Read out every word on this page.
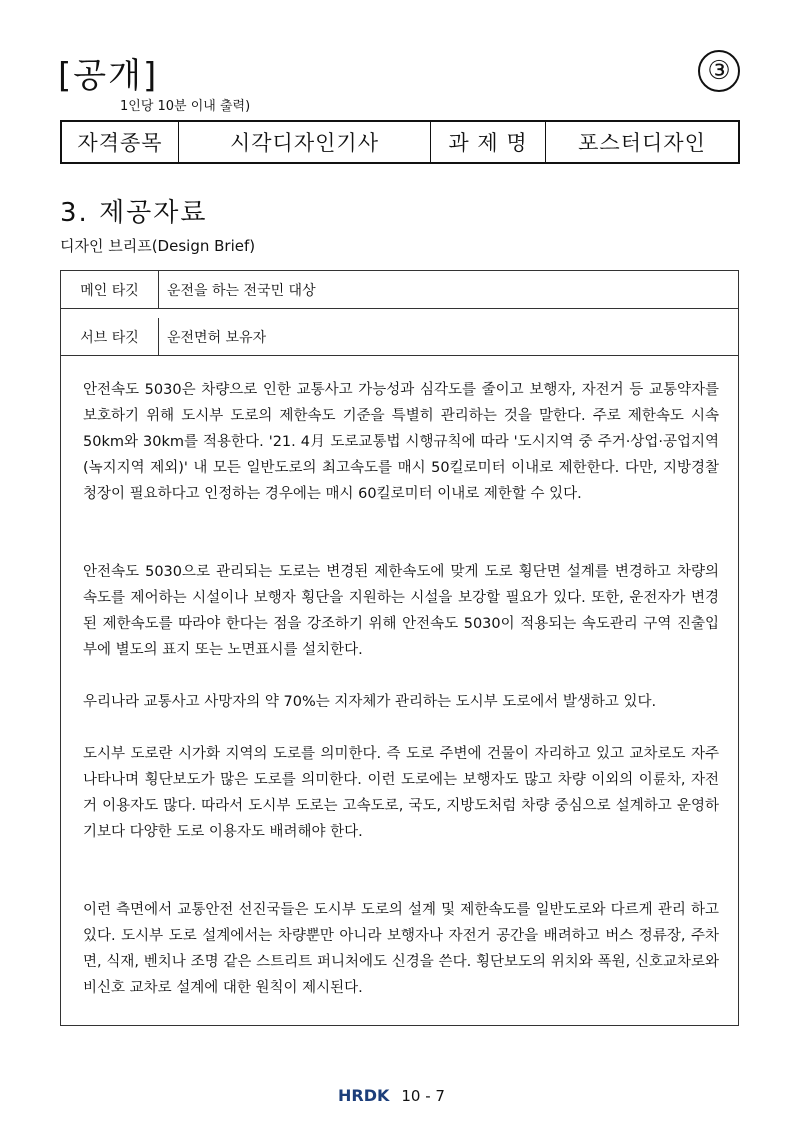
[공개]	③
1인당 10분 이내 출력)
자격종목	시각디자인기사	과 제 명	포스터디자인
3. 제공자료
디자인 브리프(Design Brief)
메인 타깃	운전을 하는 전국민 대상
서브 타깃	운전면허 보유자

안전속도 5030은 차량으로 인한 교통사고 가능성과 심각도를 줄이고 보행자, 자전거 등 교통약자를 보호하기 위해 도시부 도로의 제한속도 기준을 특별히 관리하는 것을 말한다. 주로 제한속도 시속 50km와 30km를 적용한다. '21. 4月 도로교통법 시행규칙에 따라 '도시지역 중 주거·상업·공업지역(녹지지역 제외)' 내 모든 일반도로의 최고속도를 매시 50킬로미터 이내로 제한한다. 다만, 지방경찰청장이 필요하다고 인정하는 경우에는 매시 60킬로미터 이내로 제한할 수 있다.

안전속도 5030으로 관리되는 도로는 변경된 제한속도에 맞게 도로 횡단면 설계를 변경하고 차량의 속도를 제어하는 시설이나 보행자 횡단을 지원하는 시설을 보강할 필요가 있다. 또한, 운전자가 변경된 제한속도를 따라야 한다는 점을 강조하기 위해 안전속도 5030이 적용되는 속도관리 구역 진출입부에 별도의 표지 또는 노면표시를 설치한다.

우리나라 교통사고 사망자의 약 70%는 지자체가 관리하는 도시부 도로에서 발생하고 있다.

도시부 도로란 시가화 지역의 도로를 의미한다. 즉 도로 주변에 건물이 자리하고 있고 교차로도 자주 나타나며 횡단보도가 많은 도로를 의미한다. 이런 도로에는 보행자도 많고 차량 이외의 이륜차, 자전거 이용자도 많다. 따라서 도시부 도로는 고속도로, 국도, 지방도처럼 차량 중심으로 설계하고 운영하기보다 다양한 도로 이용자도 배려해야 한다.

이런 측면에서 교통안전 선진국들은 도시부 도로의 설계 및 제한속도를 일반도로와 다르게 관리 하고 있다. 도시부 도로 설계에서는 차량뿐만 아니라 보행자나 자전거 공간을 배려하고 버스 정류장, 주차면, 식재, 벤치나 조명 같은 스트리트 퍼니처에도 신경을 쓴다. 횡단보도의 위치와 폭원, 신호교차로와 비신호 교차로 설계에 대한 원칙이 제시된다.

HRDK 10 - 7
